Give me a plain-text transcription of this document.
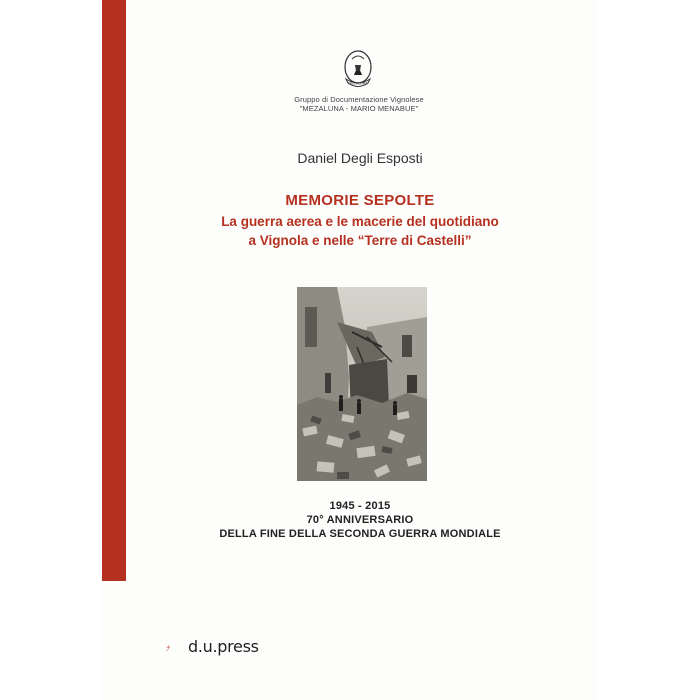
MEZALUNA
Gruppo di Documentazione Vignolese
"MEZALUNA - MARIO MENABUE"
Daniel Degli Esposti
MEMORIE SEPOLTE
La guerra aerea e le macerie del quotidiano
a Vignola e nelle “Terre di Castelli”
1945 - 2015
70° ANNIVERSARIO
DELLA FINE DELLA SECONDA GUERRA MONDIALE
d.u.press
